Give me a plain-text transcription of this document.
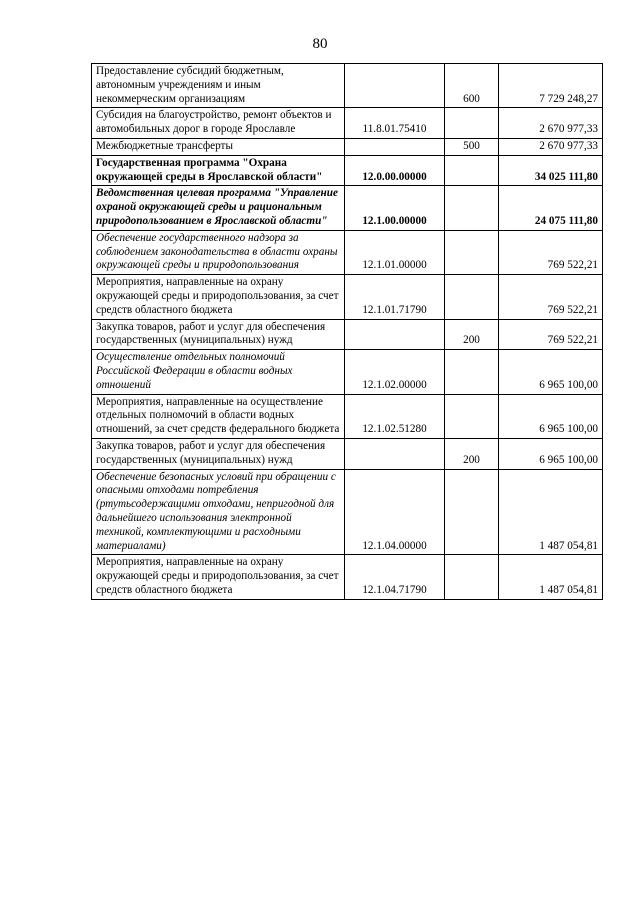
80
Предоставление субсидий бюджетным, автономным учреждениям и иным некоммерческим организациям		600	7 729 248,27
Субсидия на благоустройство, ремонт объектов и автомобильных дорог в городе Ярославле	11.8.01.75410		2 670 977,33
Межбюджетные трансферты		500	2 670 977,33
Государственная программа "Охрана окружающей среды в Ярославской области"	12.0.00.00000		34 025 111,80
Ведомственная целевая программа "Управление охраной окружающей среды и рациональным природопользованием в Ярославской области"	12.1.00.00000		24 075 111,80
Обеспечение государственного надзора за соблюдением законодательства в области охраны окружающей среды и природопользования	12.1.01.00000		769 522,21
Мероприятия, направленные на охрану окружающей среды и природопользования, за счет средств областного бюджета	12.1.01.71790		769 522,21
Закупка товаров, работ и услуг для обеспечения государственных (муниципальных) нужд		200	769 522,21
Осуществление отдельных полномочий Российской Федерации в области водных отношений	12.1.02.00000		6 965 100,00
Мероприятия, направленные на осуществление отдельных полномочий в области водных отношений, за счет средств федерального бюджета	12.1.02.51280		6 965 100,00
Закупка товаров, работ и услуг для обеспечения государственных (муниципальных) нужд		200	6 965 100,00
Обеспечение безопасных условий при обращении с опасными отходами потребления (ртутьсодержащими отходами, непригодной для дальнейшего использования электронной техникой, комплектующими и расходными материалами)	12.1.04.00000		1 487 054,81
Мероприятия, направленные на охрану окружающей среды и природопользования, за счет средств областного бюджета	12.1.04.71790		1 487 054,81
